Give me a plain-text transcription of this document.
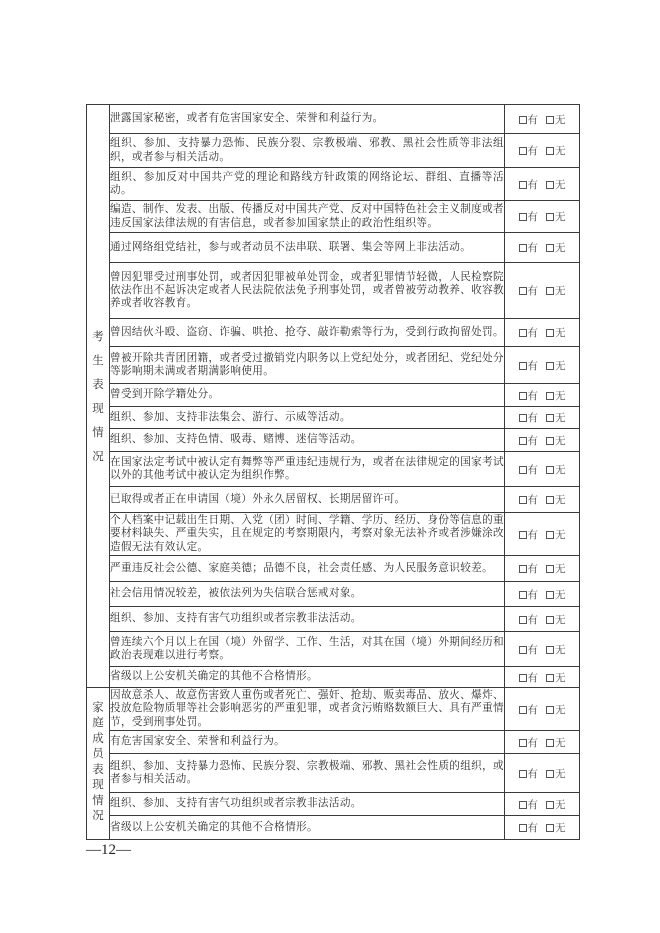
考生表现情况	泄露国家秘密，或者有危害国家安全、荣誉和利益行为。	有 无
	组织、参加、支持暴力恐怖、民族分裂、宗教极端、邪教、黑社会性质等非法组织，或者参与相关活动。	有 无
	组织、参加反对中国共产党的理论和路线方针政策的网络论坛、群组、直播等活动。	有 无
	编造、制作、发表、出版、传播反对中国共产党、反对中国特色社会主义制度或者违反国家法律法规的有害信息，或者参加国家禁止的政治性组织等。	有 无
	通过网络组党结社，参与或者动员不法串联、联署、集会等网上非法活动。	有 无
	曾因犯罪受过刑事处罚，或者因犯罪被单处罚金，或者犯罪情节轻微，人民检察院依法作出不起诉决定或者人民法院依法免予刑事处罚，或者曾被劳动教养、收容教养或者收容教育。	有 无
	曾因结伙斗殴、盗窃、诈骗、哄抢、抢夺、敲诈勒索等行为，受到行政拘留处罚。	有 无
	曾被开除共青团团籍，或者受过撤销党内职务以上党纪处分，或者团纪、党纪处分等影响期未满或者期满影响使用。	有 无
	曾受到开除学籍处分。	有 无
	组织、参加、支持非法集会、游行、示威等活动。	有 无
	组织、参加、支持色情、吸毒、赌博、迷信等活动。	有 无
	在国家法定考试中被认定有舞弊等严重违纪违规行为，或者在法律规定的国家考试以外的其他考试中被认定为组织作弊。	有 无
	已取得或者正在申请国（境）外永久居留权、长期居留许可。	有 无
	个人档案中记载出生日期、入党（团）时间、学籍、学历、经历、身份等信息的重要材料缺失、严重失实，且在规定的考察期限内，考察对象无法补齐或者涉嫌涂改造假无法有效认定。	有 无
	严重违反社会公德、家庭美德；品德不良，社会责任感、为人民服务意识较差。	有 无
	社会信用情况较差，被依法列为失信联合惩戒对象。	有 无
	组织、参加、支持有害气功组织或者宗教非法活动。	有 无
	曾连续六个月以上在国（境）外留学、工作、生活，对其在国（境）外期间经历和政治表现难以进行考察。	有 无
	省级以上公安机关确定的其他不合格情形。	有 无
家庭成员表现情况	因故意杀人、故意伤害致人重伤或者死亡、强奸、抢劫、贩卖毒品、放火、爆炸、投放危险物质罪等社会影响恶劣的严重犯罪，或者贪污贿赂数额巨大、具有严重情节，受到刑事处罚。	有 无
	有危害国家安全、荣誉和利益行为。	有 无
	组织、参加、支持暴力恐怖、民族分裂、宗教极端、邪教、黑社会性质的组织，或者参与相关活动。	有 无
	组织、参加、支持有害气功组织或者宗教非法活动。	有 无
	省级以上公安机关确定的其他不合格情形。	有 无
—12—
